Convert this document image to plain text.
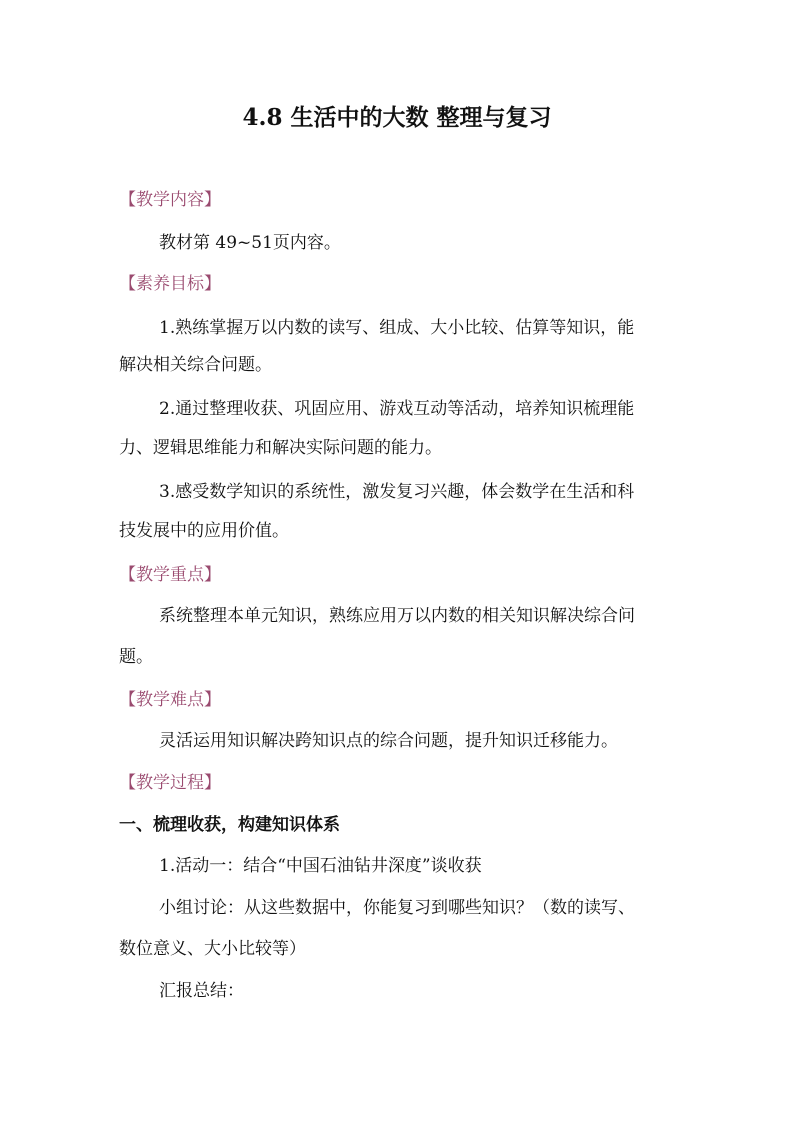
4.8 生活中的大数 整理与复习
【教学内容】
教材第 49~51页内容。
【素养目标】
1.熟练掌握万以内数的读写、组成、大小比较、估算等知识，能
解决相关综合问题。
2.通过整理收获、巩固应用、游戏互动等活动，培养知识梳理能
力、逻辑思维能力和解决实际问题的能力。
3.感受数学知识的系统性，激发复习兴趣，体会数学在生活和科
技发展中的应用价值。
【教学重点】
系统整理本单元知识，熟练应用万以内数的相关知识解决综合问
题。
【教学难点】
灵活运用知识解决跨知识点的综合问题，提升知识迁移能力。
【教学过程】
一、梳理收获，构建知识体系
1.活动一：结合“中国石油钻井深度”谈收获
小组讨论：从这些数据中，你能复习到哪些知识？（数的读写、
数位意义、大小比较等）
汇报总结：
